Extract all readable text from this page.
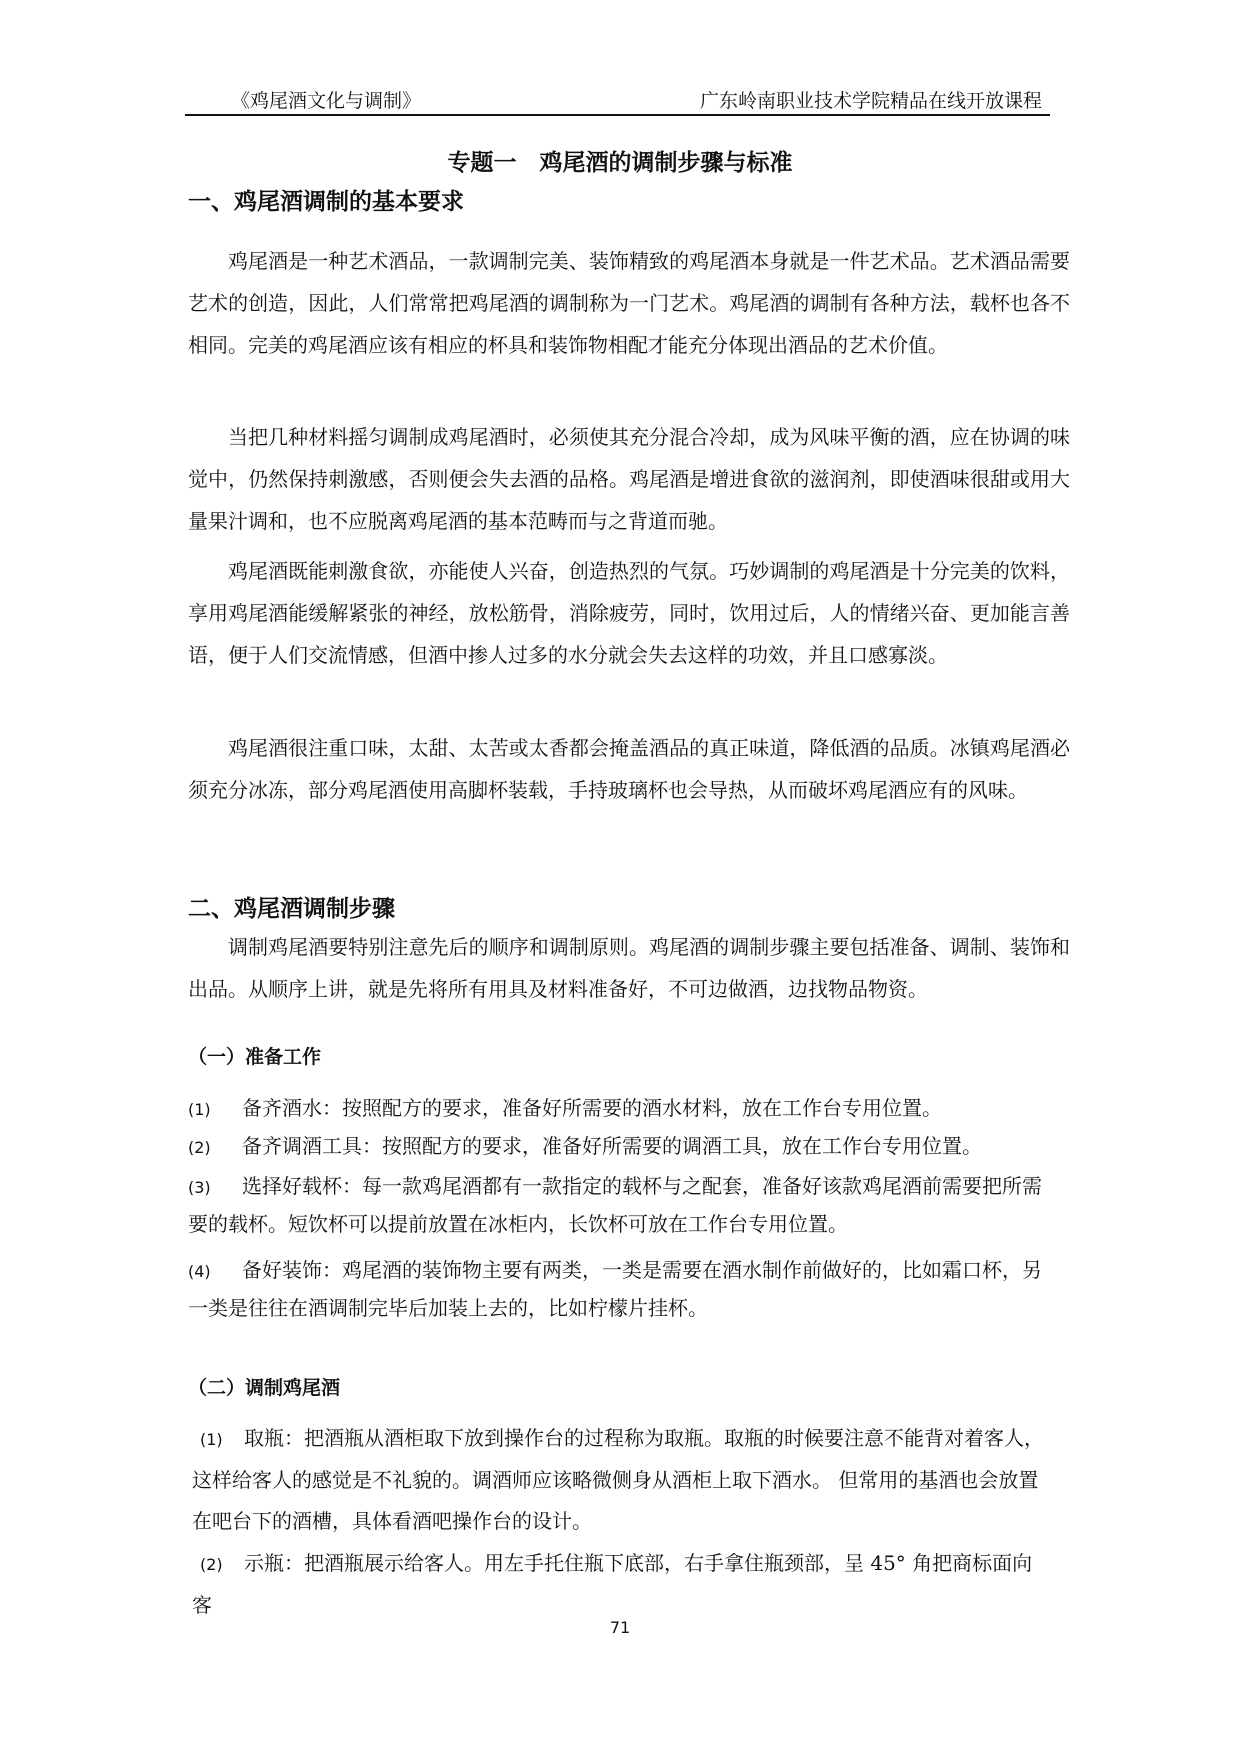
《鸡尾酒文化与调制》	广东岭南职业技术学院精品在线开放课程
专题一　鸡尾酒的调制步骤与标准
一、鸡尾酒调制的基本要求

鸡尾酒是一种艺术酒品，一款调制完美、装饰精致的鸡尾酒本身就是一件艺术品。艺术酒品需要艺术的创造，因此，人们常常把鸡尾酒的调制称为一门艺术。鸡尾酒的调制有各种方法，载杯也各不相同。完美的鸡尾酒应该有相应的杯具和装饰物相配才能充分体现出酒品的艺术价值。

当把几种材料摇匀调制成鸡尾酒时，必须使其充分混合冷却，成为风味平衡的酒，应在协调的味觉中，仍然保持刺激感，否则便会失去酒的品格。鸡尾酒是增进食欲的滋润剂，即使酒味很甜或用大量果汁调和，也不应脱离鸡尾酒的基本范畴而与之背道而驰。

鸡尾酒既能刺激食欲，亦能使人兴奋，创造热烈的气氛。巧妙调制的鸡尾酒是十分完美的饮料，享用鸡尾酒能缓解紧张的神经，放松筋骨，消除疲劳，同时，饮用过后，人的情绪兴奋、更加能言善语，便于人们交流情感，但酒中掺人过多的水分就会失去这样的功效，并且口感寡淡。

鸡尾酒很注重口味，太甜、太苦或太香都会掩盖酒品的真正味道，降低酒的品质。冰镇鸡尾酒必须充分冰冻，部分鸡尾酒使用高脚杯装载，手持玻璃杯也会导热，从而破坏鸡尾酒应有的风味。

二、鸡尾酒调制步骤

调制鸡尾酒要特别注意先后的顺序和调制原则。鸡尾酒的调制步骤主要包括准备、调制、装饰和出品。从顺序上讲，就是先将所有用具及材料准备好，不可边做酒，边找物品物资。

（一）准备工作

(1) 备齐酒水：按照配方的要求，准备好所需要的酒水材料，放在工作台专用位置。

(2) 备齐调酒工具：按照配方的要求，准备好所需要的调酒工具，放在工作台专用位置。

(3) 选择好载杯：每一款鸡尾酒都有一款指定的载杯与之配套，准备好该款鸡尾酒前需要把所需要的载杯。短饮杯可以提前放置在冰柜内，长饮杯可放在工作台专用位置。

(4) 备好装饰：鸡尾酒的装饰物主要有两类，一类是需要在酒水制作前做好的，比如霜口杯，另一类是往往在酒调制完毕后加装上去的，比如柠檬片挂杯。

（二）调制鸡尾酒

(1) 取瓶：把酒瓶从酒柜取下放到操作台的过程称为取瓶。取瓶的时候要注意不能背对着客人，这样给客人的感觉是不礼貌的。调酒师应该略微侧身从酒柜上取下酒水。 但常用的基酒也会放置在吧台下的酒槽，具体看酒吧操作台的设计。

(2) 示瓶：把酒瓶展示给客人。用左手托住瓶下底部，右手拿住瓶颈部，呈 45° 角把商标面向客

71
